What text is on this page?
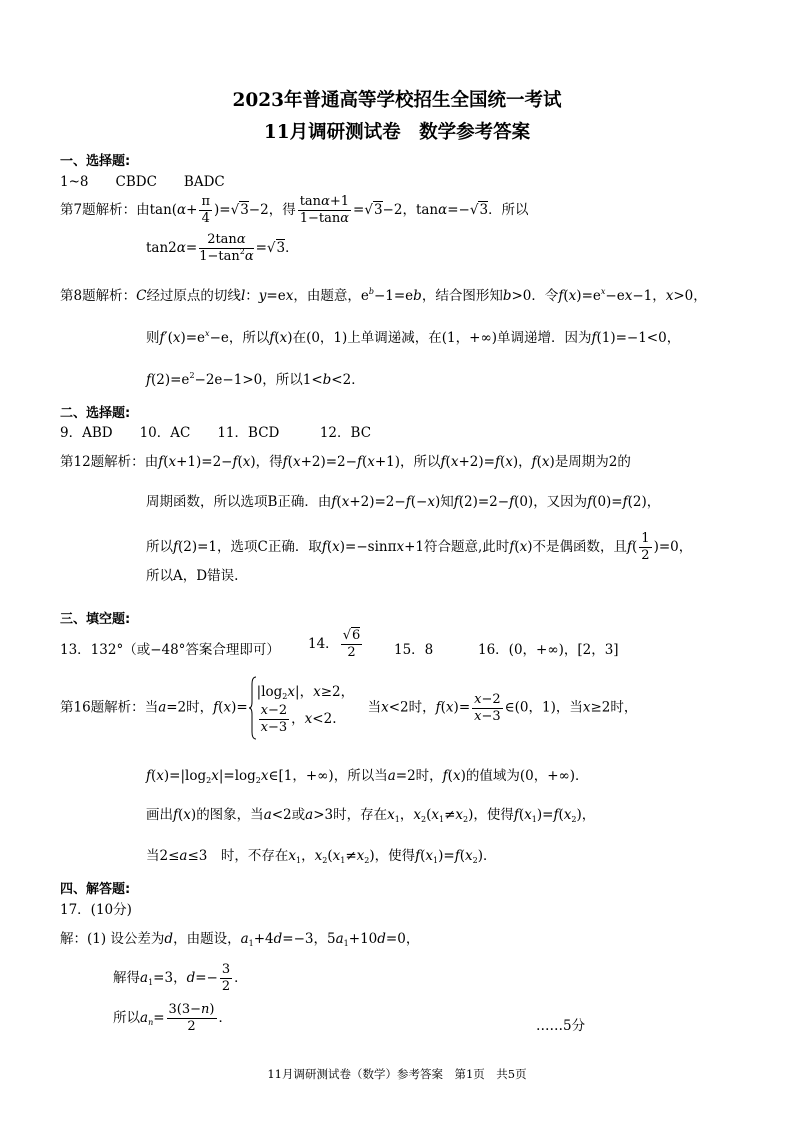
2023年普通高等学校招生全国统一考试
11月调研测试卷　数学参考答案
一、选择题:
1~8　　CBDC　　BADC
第7题解析：由$\tan(\alpha+ \frac{\pi}{4} )=√3-2$，得 $\frac{\tan\alpha+1}{1-\tan\alpha} =√3-2$，tanα=−√3．所以
$\tan 2\alpha= \frac{2\tan\alpha}{1-\tan^2\alpha} =√3$．
第8题解析：C经过原点的切线l：y=ex，由题意，$e^b-1=eb$，结合图形知b>0．令$f(x)=e^x-ex-1$，x>0，
则$f'(x)=e^x-e$，所以f(x)在(0，1)上单调递减，在(1，+∞)单调递增．因为f(1)=−1<0，
$f(2)=e^2-2e-1>0$，所以1<b<2．
二、选择题:
9．ABD　　10．AC　　11．BCD　　　12．BC
第12题解析：由f(x+1)=2−f(x)，得f(x+2)=2−f(x+1)，所以f(x+2)=f(x)，f(x)是周期为2的
周期函数，所以选项B正确．由f(x+2)=2−f(−x)知f(2)=2−f(0)，又因为f(0)=f(2)，
所以f(2)=1，选项C正确．取f(x)=−sinπx+1符合题意,此时f(x)不是偶函数，且$f( \frac{1}{2} )=0$，
所以A，D错误.
三、填空题:
13．132°（或−48°答案合理即可） 14． $\frac{√6}{2} 15$．8	16．(0，+∞)，[2，3]
第16题解析：当a=2时，$f(x)=|\log_2x|$，x≥2，

$\frac{x-2}{x-3}$ ，x<2.　当x<2时，$f(x)= \frac{x-2}{x-3}$ ∈(0，1)，当x≥2时，
$f(x)=|\log_2x|=\log_2x\in[1$，+∞)，所以当a=2时，f(x)的值域为(0，+∞)．
画出f(x)的图象，当a<2或a>3时，存在$x_1$，$x_2(x_1\ne x_2)$，使得$f(x_1)=f(x_2)$，
当2≤a≤3　时，不存在$x_1$，$x_2(x_1\ne x_2)$，使得$f(x_1)=f(x_2)$．
四、解答题:
17．(10分)
解：(1) 设公差为d，由题设，$a_1+4d=-3$，$5a_1+10d=0$，
解得$a_1=3$，$d=- \frac{3}{2}$ ．
所以$a_n= \frac{3(3-n)}{2}$ ．	……5分
11月调研测试卷（数学）参考答案　第1页　共5页
